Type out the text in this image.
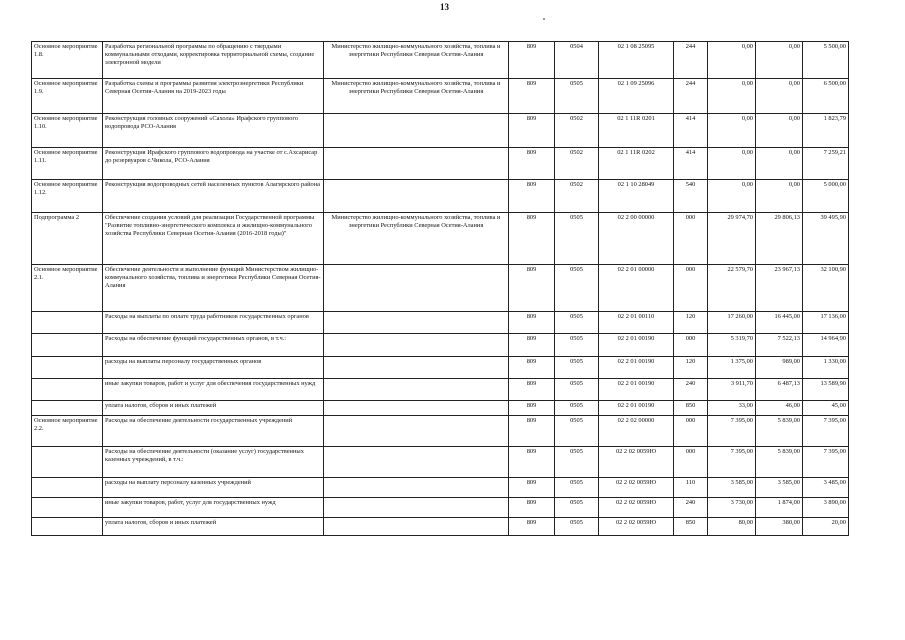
13
Основное мероприятие 1.8.	Разработка региональной программы по обращению с твердыми коммунальными отходами, корректировка территориальной схемы, создание электронной модели	Министерство жилищно-коммунального хозяйства, топлива и энергетики Республики Северная Осетия-Алания	809	0504	02 1 08 25095	244	0,00	0,00	5 500,00
Основное мероприятие 1.9.	Разработка схемы и программы развития электроэнергетики Республики Северная Осетия-Алания на 2019-2023 годы	Министерство жилищно-коммунального хозяйства, топлива и энергетики Республики Северная Осетия-Алания	809	0505	02 1 09 25096	244	0,00	0,00	6 500,00
Основное мероприятие 1.10.	Реконструкция головных сооружений «Сахола» Ирафского группового водопровода РСО-Алания		809	0502	02 1 11R 0201	414	0,00	0,00	1 823,79
Основное мероприятие 1.11.	Реконструкция Ирафского группового водопровода на участке от с.Ахсарисар до резервуаров с.Чикола, РСО-Алания		809	0502	02 1 11R 0202	414	0,00	0,00	7 259,21
Основное мероприятие 1.12.	Реконструкция водопроводных сетей населенных пунктов Алагирского района		809	0502	02 1 10 28049	540	0,00	0,00	5 000,00
Подпрограмма 2	Обеспечение создания условий для реализации Государственной программы "Развитие топливно-энергетического комплекса и жилищно-коммунального хозяйства Республики Северная Осетия-Алания (2016-2018 годы)"	Министерство жилищно-коммунального хозяйства, топлива и энергетики Республики Северная Осетия-Алания	809	0505	02 2 00 00000	000	29 974,70	29 806,13	39 495,90
Основное мероприятие 2.1.	Обеспечение деятельности и выполнение функций Министерством жилищно-коммунального хозяйства, топлива и энергетики Республики Северная Осетия-Алания		809	0505	02 2 01 00000	000	22 579,70	23 967,13	32 100,90
	Расходы на выплаты по оплате труда работников государственных органов		809	0505	02 2 01 00110	120	17 260,00	16 445,00	17 136,00
	Расходы на обеспечение функций государственных органов, в т.ч.:		809	0505	02 2 01 00190	000	5 319,70	7 522,13	14 964,90
	расходы на выплаты персоналу государственных органов		809	0505	02 2 01 00190	120	1 375,00	989,00	1 330,00
	иные закупки товаров, работ и услуг для обеспечения государственных нужд		809	0505	02 2 01 00190	240	3 911,70	6 487,13	13 589,90
	уплата налогов, сборов и иных платежей		809	0505	02 2 01 00190	850	33,00	46,00	45,00
Основное мероприятие 2.2.	Расходы на обеспечение деятельности государственных учреждений		809	0505	02 2 02 00000	000	7 395,00	5 839,00	7 395,00
	Расходы на обеспечение деятельности (оказание услуг) государственных казенных учреждений, в т.ч.:		809	0505	02 2 02 0059Ю	000	7 395,00	5 839,00	7 395,00
	расходы на выплату персоналу казенных учреждений		809	0505	02 2 02 0059Ю	110	3 585,00	3 585,00	3 485,00
	иные закупки товаров, работ, услуг для государственных нужд		809	0505	02 2 02 0059Ю	240	3 730,00	1 874,00	3 890,00
	уплата налогов, сборов и иных платежей		809	0505	02 2 02 0059Ю	850	80,00	380,00	20,00
